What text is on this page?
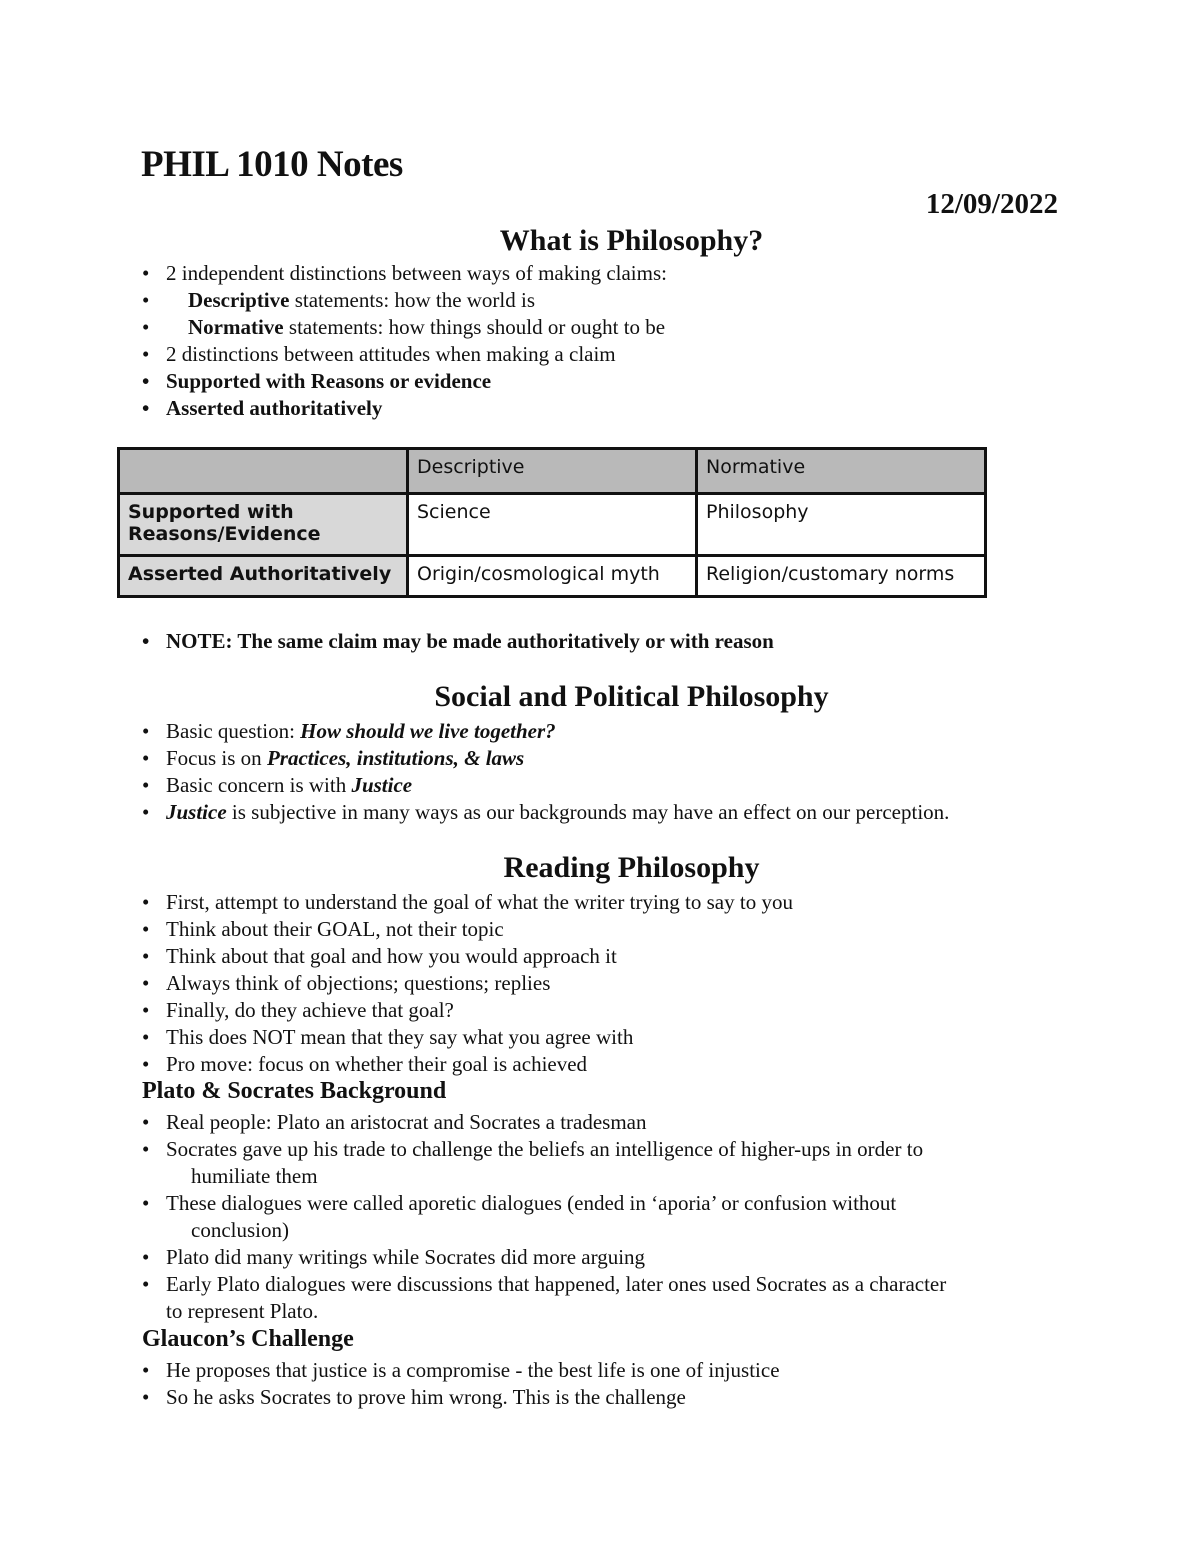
PHIL 1010 Notes
12/09/2022
What is Philosophy?
• 2 independent distinctions between ways of making claims:
• Descriptive statements: how the world is
• Normative statements: how things should or ought to be
• 2 distinctions between attitudes when making a claim
• Supported with Reasons or evidence
• Asserted authoritatively
	Descriptive	Normative
Supported with Reasons/Evidence	Science	Philosophy
Asserted Authoritatively	Origin/cosmological myth	Religion/customary norms
• NOTE: The same claim may be made authoritatively or with reason
Social and Political Philosophy
• Basic question: How should we live together?
• Focus is on Practices, institutions, & laws
• Basic concern is with Justice
• Justice is subjective in many ways as our backgrounds may have an effect on our perception.
Reading Philosophy
• First, attempt to understand the goal of what the writer trying to say to you
• Think about their GOAL, not their topic
• Think about that goal and how you would approach it
• Always think of objections; questions; replies
• Finally, do they achieve that goal?
• This does NOT mean that they say what you agree with
• Pro move: focus on whether their goal is achieved
Plato & Socrates Background
• Real people: Plato an aristocrat and Socrates a tradesman
• Socrates gave up his trade to challenge the beliefs an intelligence of higher-ups in order to
humiliate them
• These dialogues were called aporetic dialogues (ended in ‘aporia’ or confusion without
conclusion)
• Plato did many writings while Socrates did more arguing
• Early Plato dialogues were discussions that happened, later ones used Socrates as a character
to represent Plato.
Glaucon’s Challenge
• He proposes that justice is a compromise - the best life is one of injustice
• So he asks Socrates to prove him wrong. This is the challenge
